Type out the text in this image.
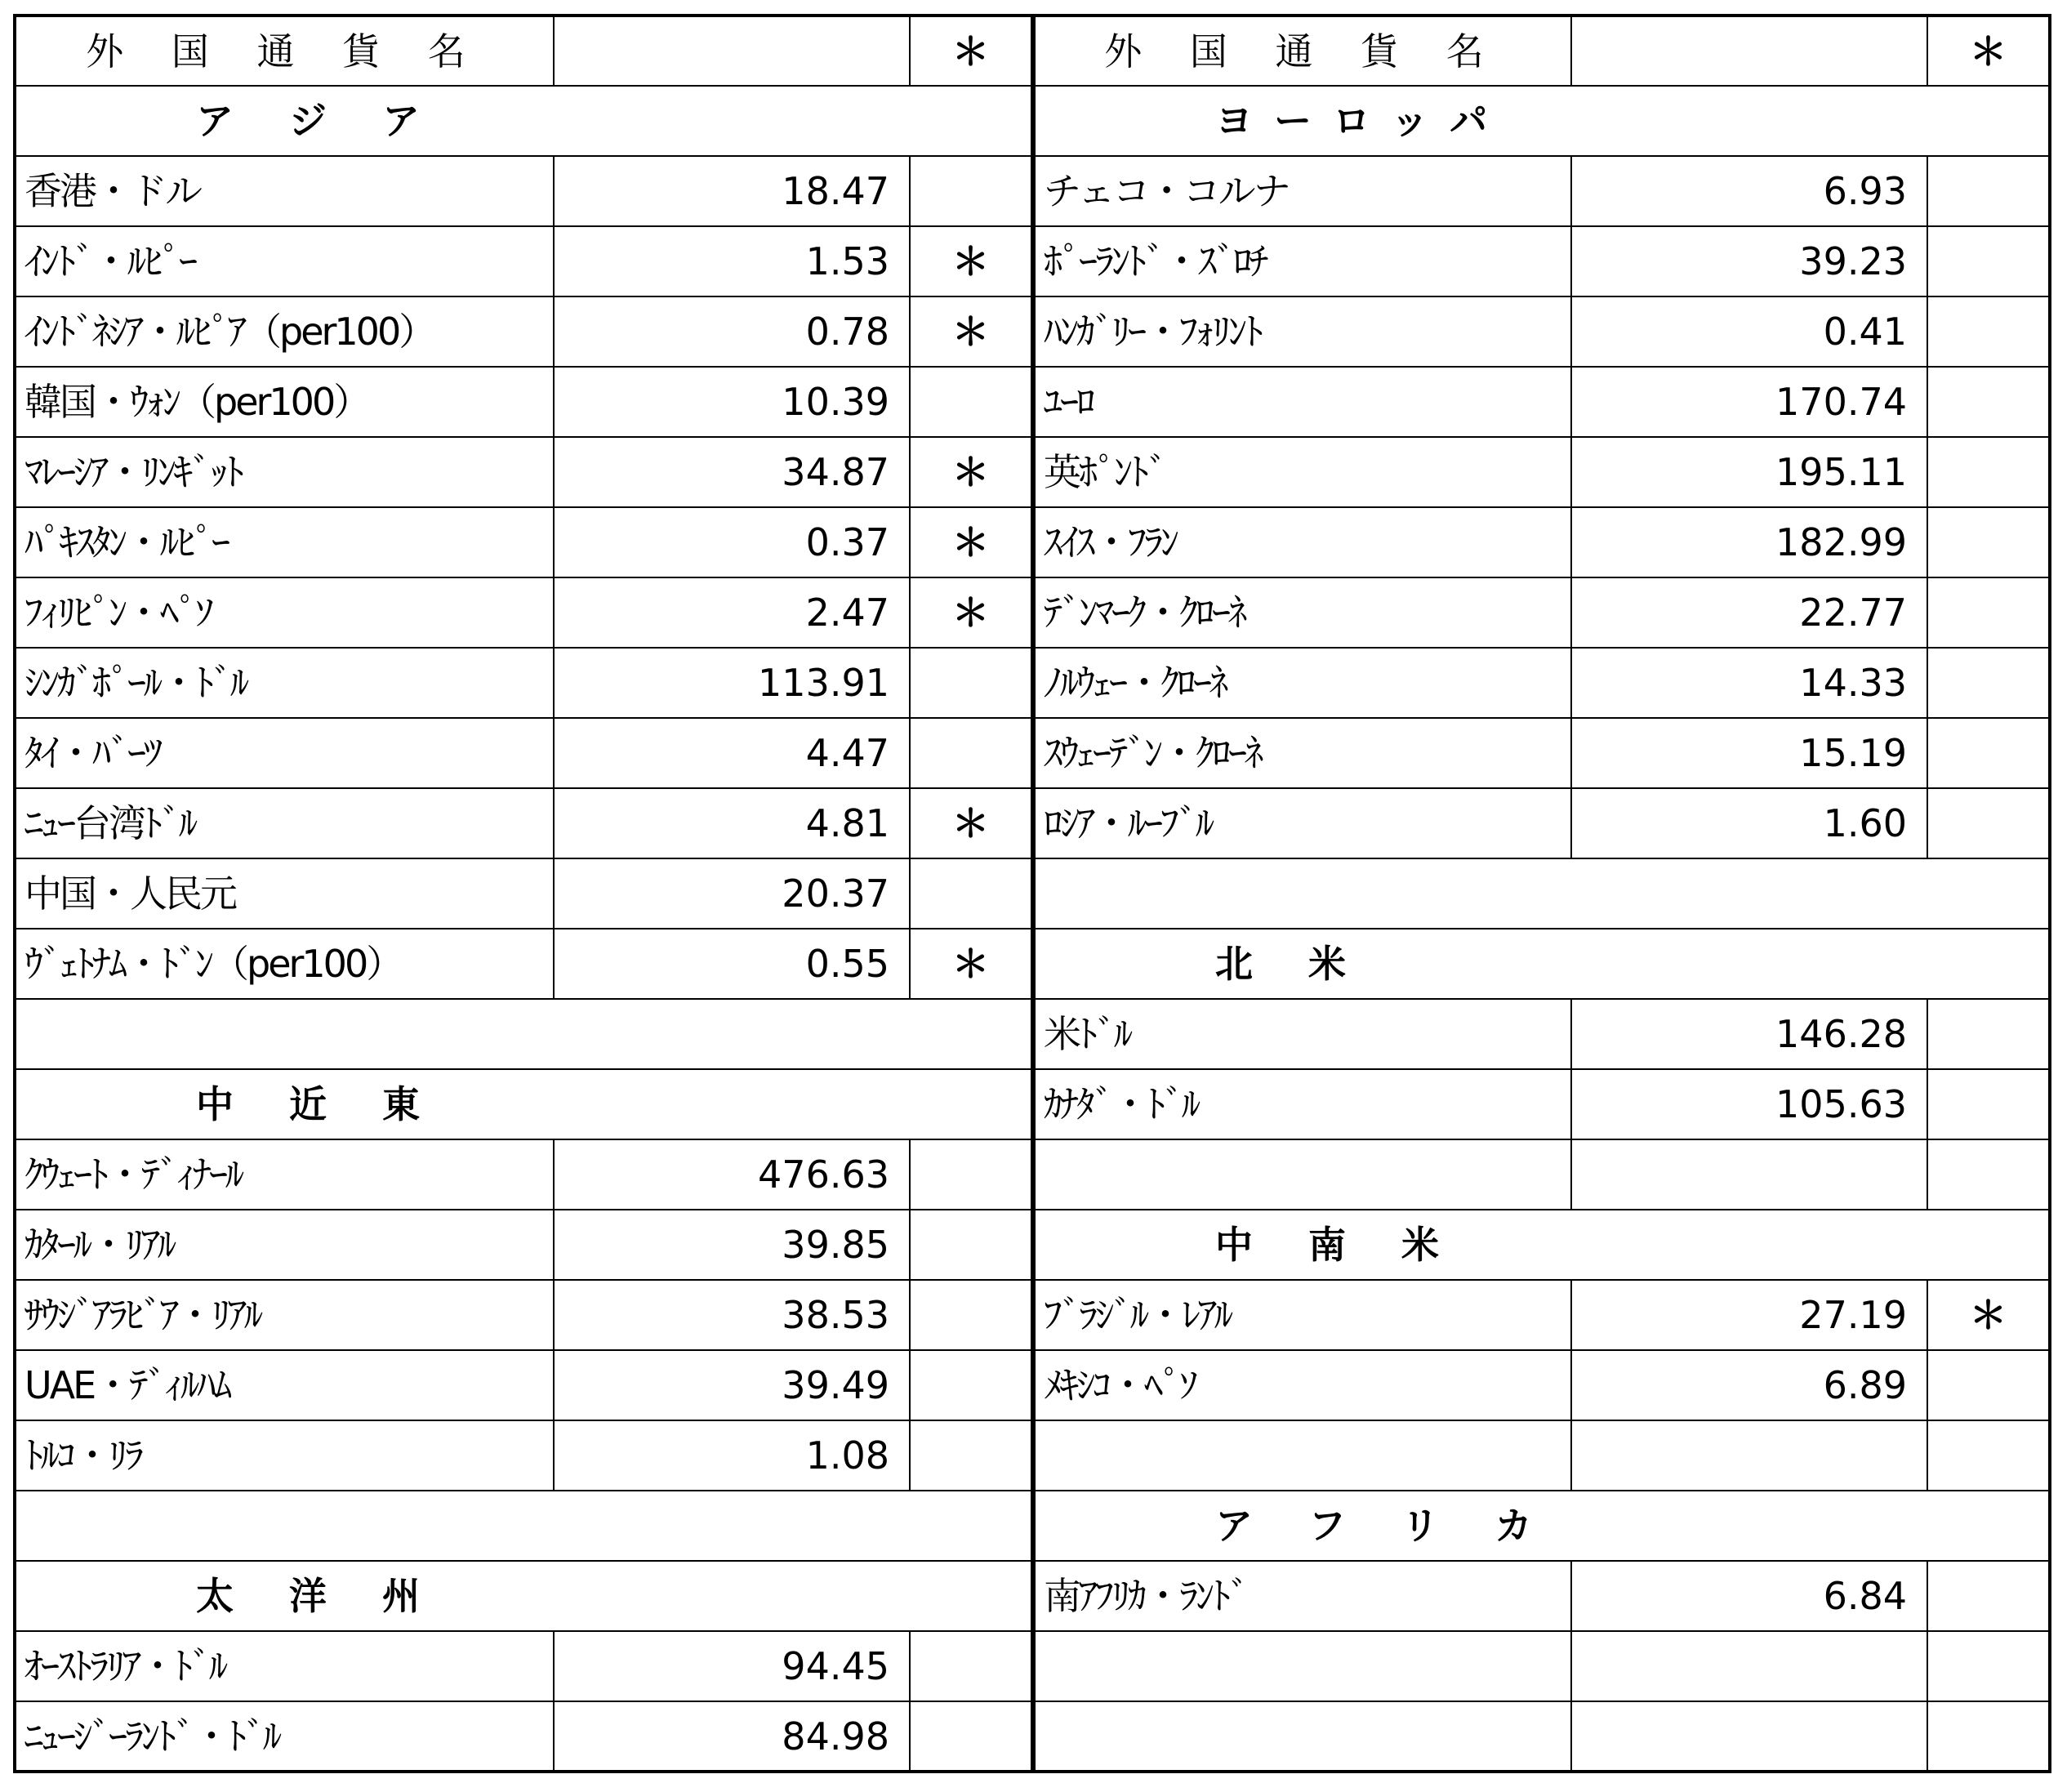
外 国 通 貨 名		＊
ア ジ ア		
香港・ドル	18.47	
ｲﾝﾄﾞ・ﾙﾋﾟｰ	1.53	＊
ｲﾝﾄﾞﾈｼｱ・ﾙﾋﾟｱ（per100）	0.78	＊
韓国・ｳｫﾝ（per100）	10.39	
ﾏﾚｰｼｱ・ﾘﾝｷﾞｯﾄ	34.87	＊
ﾊﾟｷｽﾀﾝ・ﾙﾋﾟｰ	0.37	＊
ﾌｨﾘﾋﾟﾝ・ﾍﾟｿ	2.47	＊
ｼﾝｶﾞﾎﾟｰﾙ・ﾄﾞﾙ	113.91	
ﾀｲ・ﾊﾞｰﾂ	4.47	
ﾆｭｰ台湾ﾄﾞﾙ	4.81	＊
中国・人民元	20.37	
ｳﾞｪﾄﾅﾑ・ﾄﾞﾝ（per100）	0.55	＊

中 近 東		
ｸｳｪｰﾄ・ﾃﾞｨﾅｰﾙ	476.63	
ｶﾀｰﾙ・ﾘｱﾙ	39.85	
ｻｳｼﾞｱﾗﾋﾞｱ・ﾘｱﾙ	38.53	
UAE・ﾃﾞｨﾙﾊﾑ	39.49	
ﾄﾙｺ・ﾘﾗ	1.08	

太 洋 州		
ｵｰｽﾄﾗﾘｱ・ﾄﾞﾙ	94.45	
ﾆｭｰｼﾞｰﾗﾝﾄﾞ・ﾄﾞﾙ	84.98	
外 国 通 貨 名		＊
ヨーロッパ		
チェコ・コルナ	6.93	
ﾎﾟｰﾗﾝﾄﾞ・ｽﾞﾛﾁ	39.23	
ﾊﾝｶﾞﾘｰ・ﾌｫﾘﾝﾄ	0.41	
ﾕｰﾛ	170.74	
英ﾎﾟﾝﾄﾞ	195.11	
ｽｲｽ・ﾌﾗﾝ	182.99	
ﾃﾞﾝﾏｰｸ・ｸﾛｰﾈ	22.77	
ﾉﾙｳｪｰ・ｸﾛｰﾈ	14.33	
ｽｳｪｰﾃﾞﾝ・ｸﾛｰﾈ	15.19	
ﾛｼｱ・ﾙｰﾌﾞﾙ	1.60	

北 米		
米ﾄﾞﾙ	146.28	
ｶﾅﾀﾞ・ﾄﾞﾙ	105.63	

中 南 米		
ﾌﾞﾗｼﾞﾙ・ﾚｱﾙ	27.19	＊
ﾒｷｼｺ・ﾍﾟｿ	6.89	

ア フ リ カ		
南ｱﾌﾘｶ・ﾗﾝﾄﾞ	6.84	
